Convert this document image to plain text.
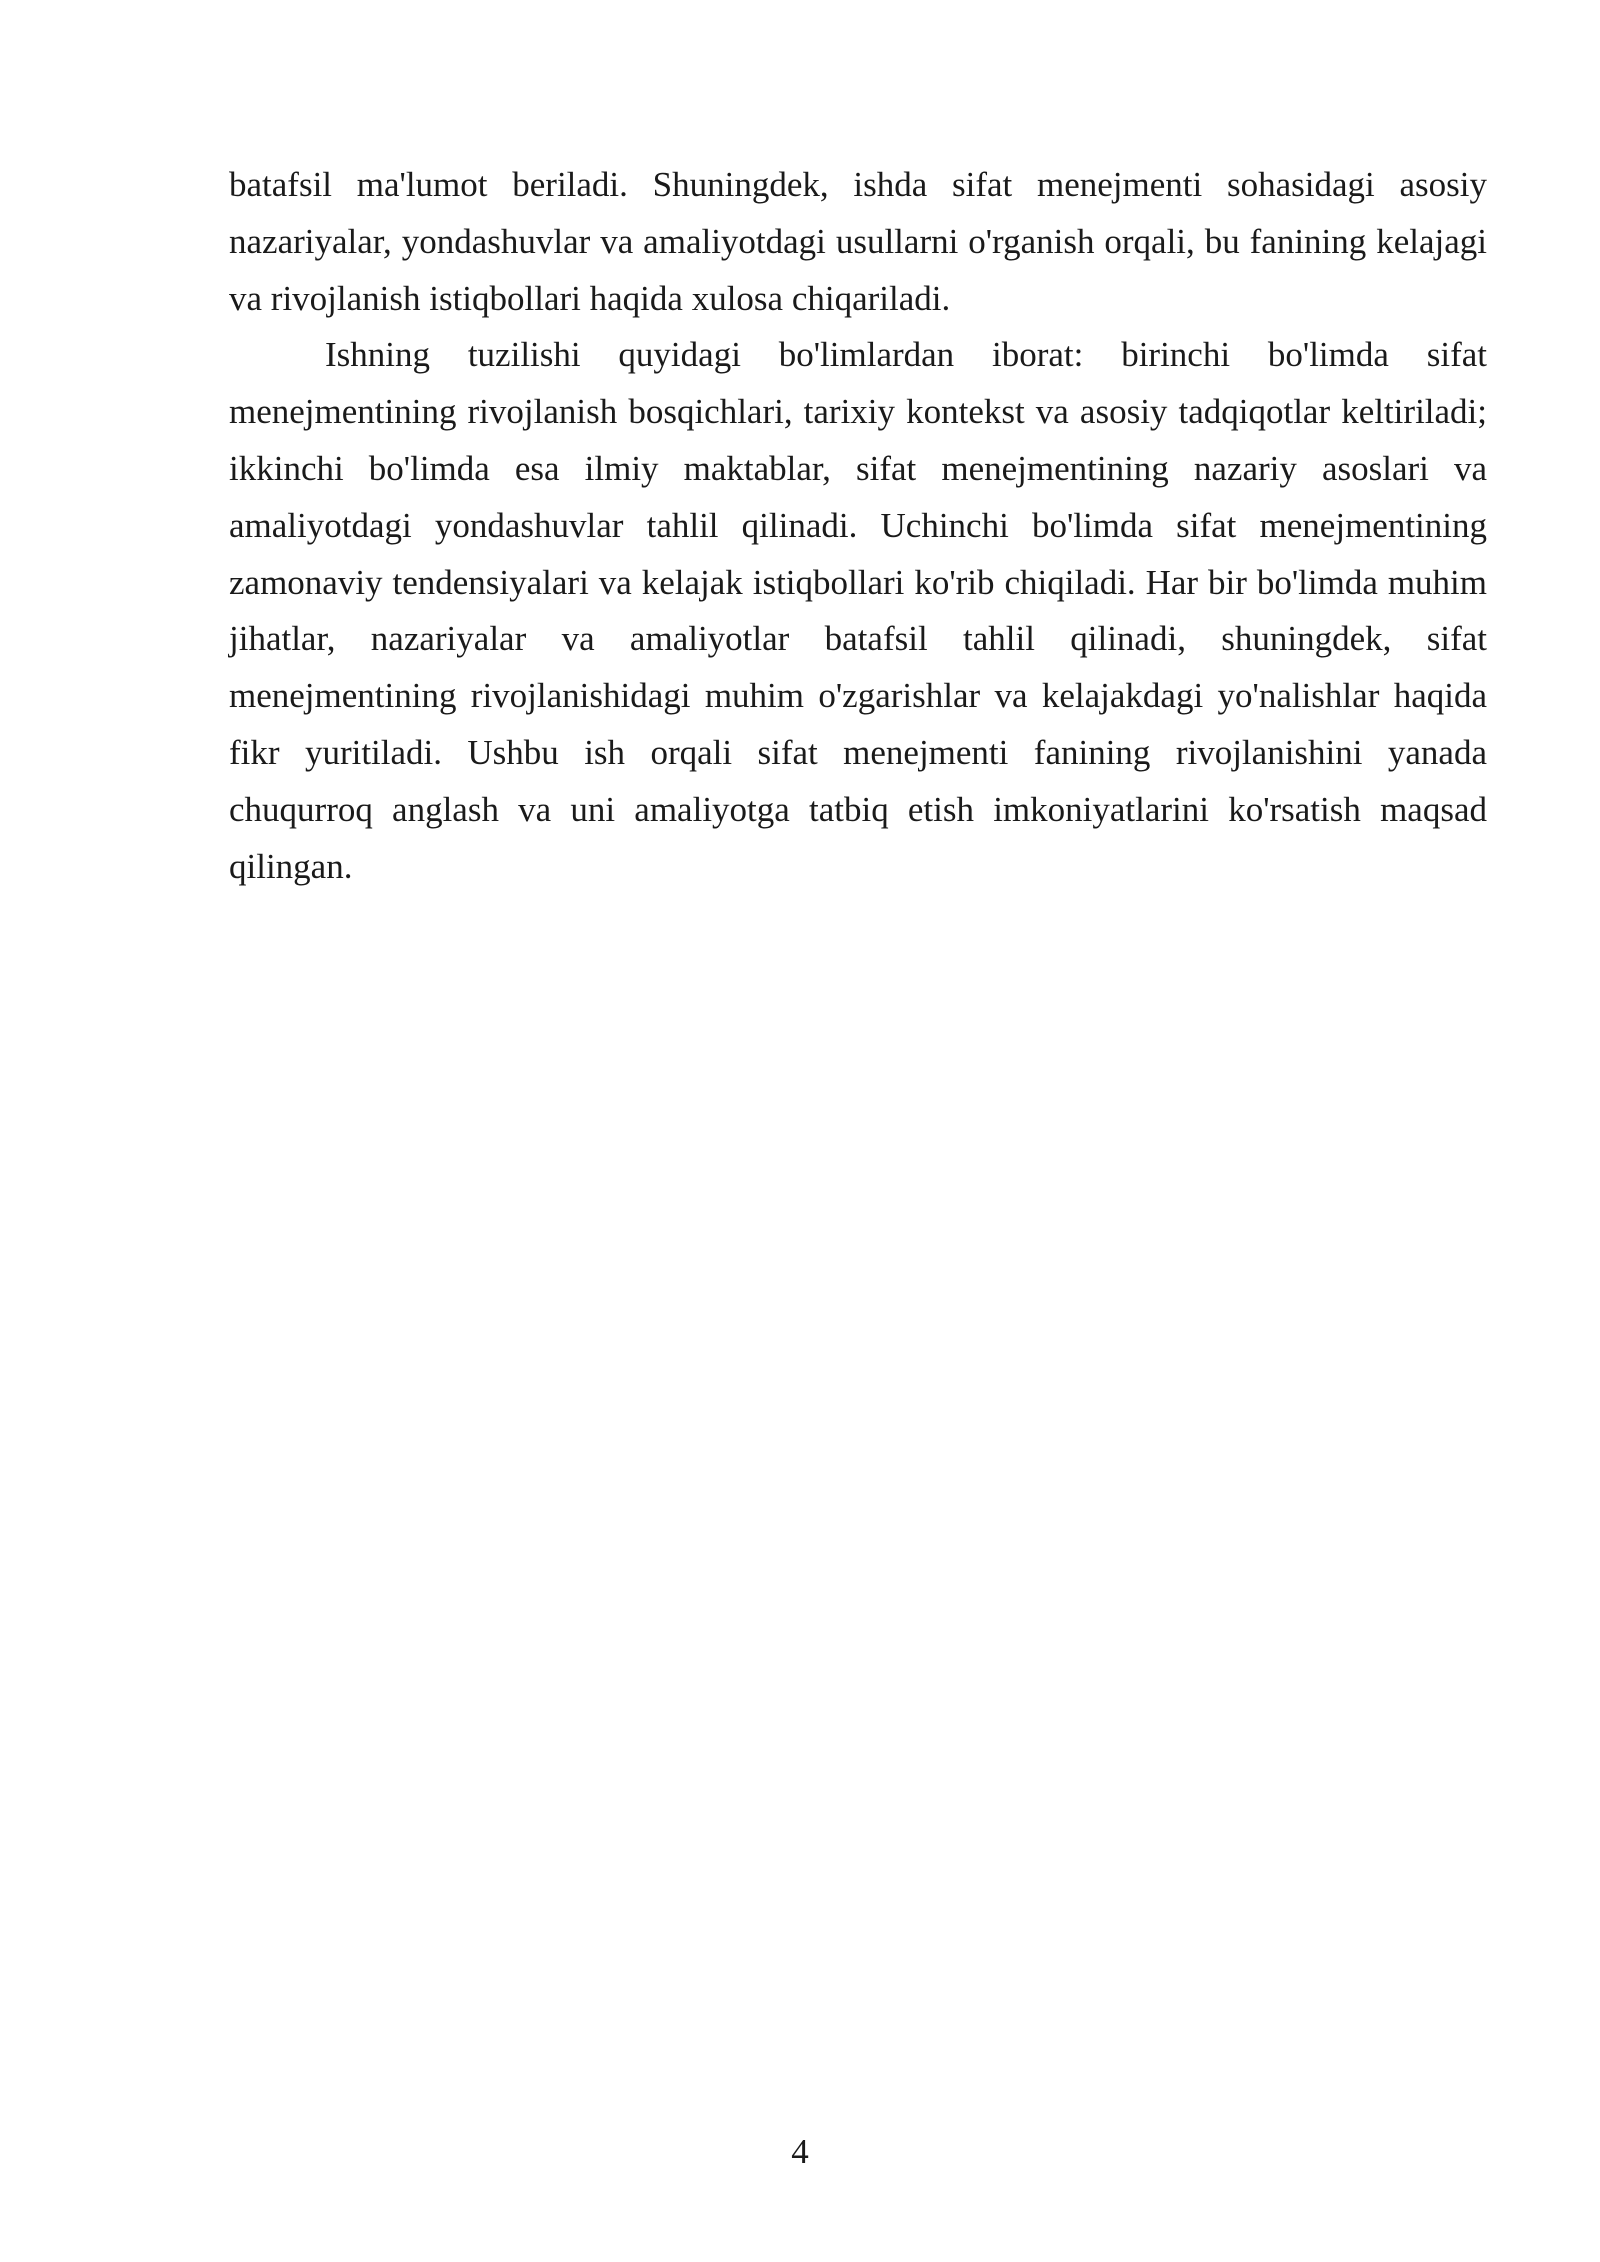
batafsil ma'lumot beriladi. Shuningdek, ishda sifat menejmenti sohasidagi asosiy nazariyalar, yondashuvlar va amaliyotdagi usullarni o'rganish orqali, bu fanining kelajagi va rivojlanish istiqbollari haqida xulosa chiqariladi.

Ishning tuzilishi quyidagi bo'limlardan iborat: birinchi bo'limda sifat menejmentining rivojlanish bosqichlari, tarixiy kontekst va asosiy tadqiqotlar keltiriladi; ikkinchi bo'limda esa ilmiy maktablar, sifat menejmentining nazariy asoslari va amaliyotdagi yondashuvlar tahlil qilinadi. Uchinchi bo'limda sifat menejmentining zamonaviy tendensiyalari va kelajak istiqbollari ko'rib chiqiladi. Har bir bo'limda muhim jihatlar, nazariyalar va amaliyotlar batafsil tahlil qilinadi, shuningdek, sifat menejmentining rivojlanishidagi muhim o'zgarishlar va kelajakdagi yo'nalishlar haqida fikr yuritiladi. Ushbu ish orqali sifat menejmenti fanining rivojlanishini yanada chuqurroq anglash va uni amaliyotga tatbiq etish imkoniyatlarini ko'rsatish maqsad qilingan.

4
